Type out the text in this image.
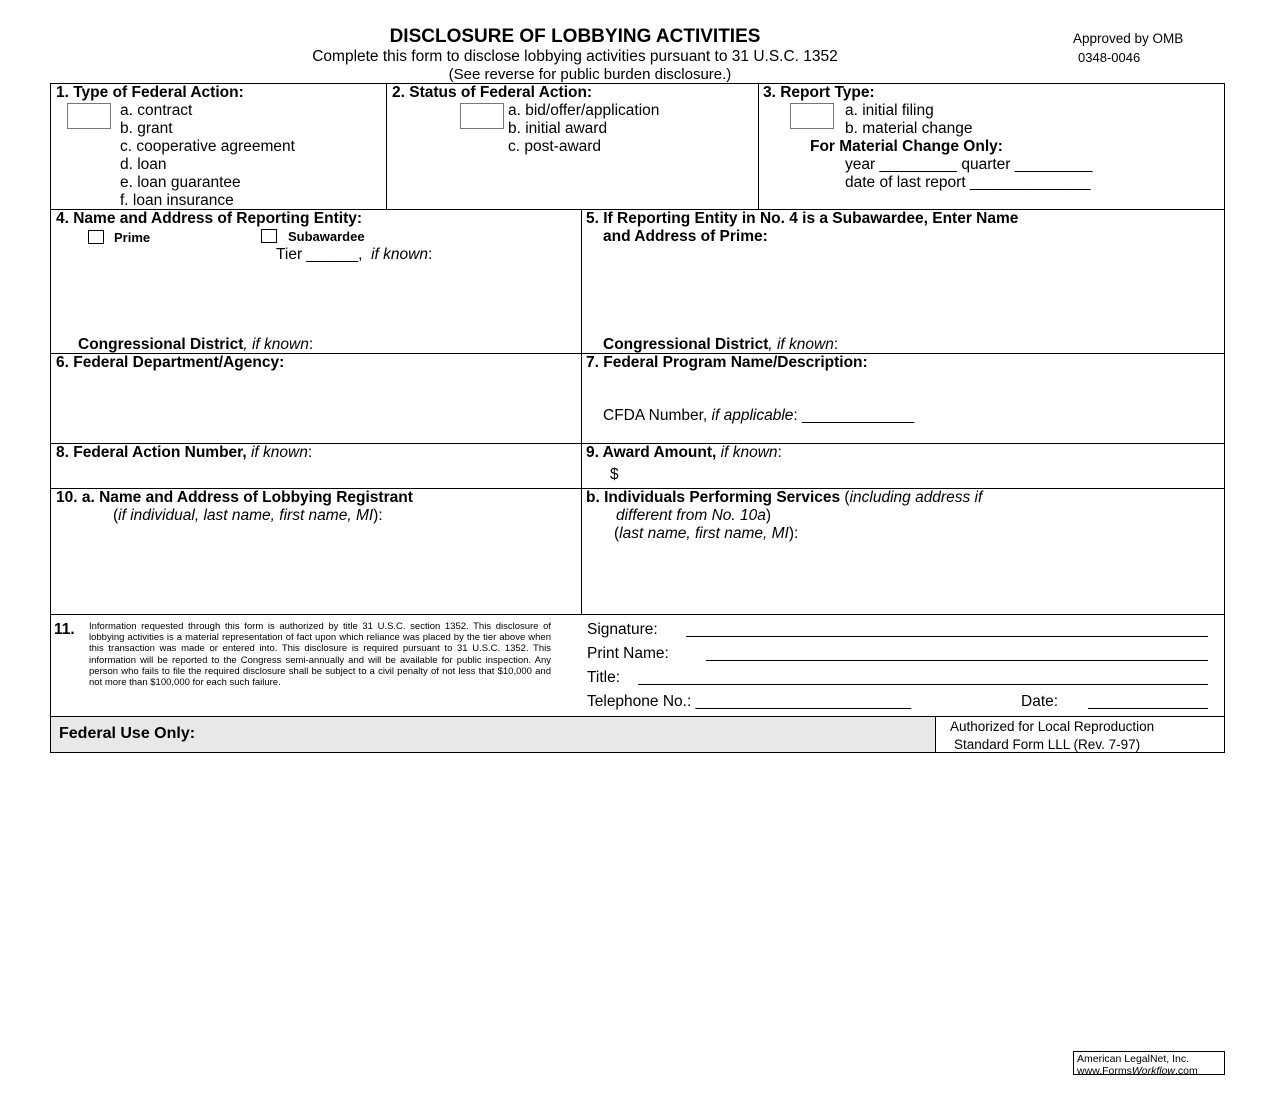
DISCLOSURE OF LOBBYING ACTIVITIES
Complete this form to disclose lobbying activities pursuant to 31 U.S.C. 1352
(See reverse for public burden disclosure.)
Approved by OMB
0348-0046
1. Type of Federal Action:
a. contract
b. grant
c. cooperative agreement
d. loan
e. loan guarantee
f. loan insurance
2. Status of Federal Action:
a. bid/offer/application
b. initial award
c. post-award
3. Report Type:
a. initial filing
b. material change
For Material Change Only:
year _________ quarter _________
date of last report ______________
4. Name and Address of Reporting Entity:
Prime	Subawardee
Tier ______, if known:
Congressional District, if known:
5. If Reporting Entity in No. 4 is a Subawardee, Enter Name
and Address of Prime:
Congressional District, if known:
6. Federal Department/Agency:	7. Federal Program Name/Description:
CFDA Number, if applicable: _____________
8. Federal Action Number, if known:	9. Award Amount, if known:
$
10. a. Name and Address of Lobbying Registrant
(if individual, last name, first name, MI):
b. Individuals Performing Services (including address if
different from No. 10a)
(last name, first name, MI):
11. Information requested through this form is authorized by title 31 U.S.C. section 1352. This disclosure of lobbying activities is a material representation of fact upon which reliance was placed by the tier above when this transaction was made or entered into. This disclosure is required pursuant to 31 U.S.C. 1352. This information will be reported to the Congress semi-annually and will be available for public inspection. Any person who fails to file the required disclosure shall be subject to a civil penalty of not less that $10,000 and not more than $100,000 for each such failure.
Signature:
Print Name:
Title:
Telephone No.: _________________________	Date:
Federal Use Only:	Authorized for Local Reproduction
Standard Form LLL (Rev. 7-97)
American LegalNet, Inc.
www.FormsWorkflow.com
